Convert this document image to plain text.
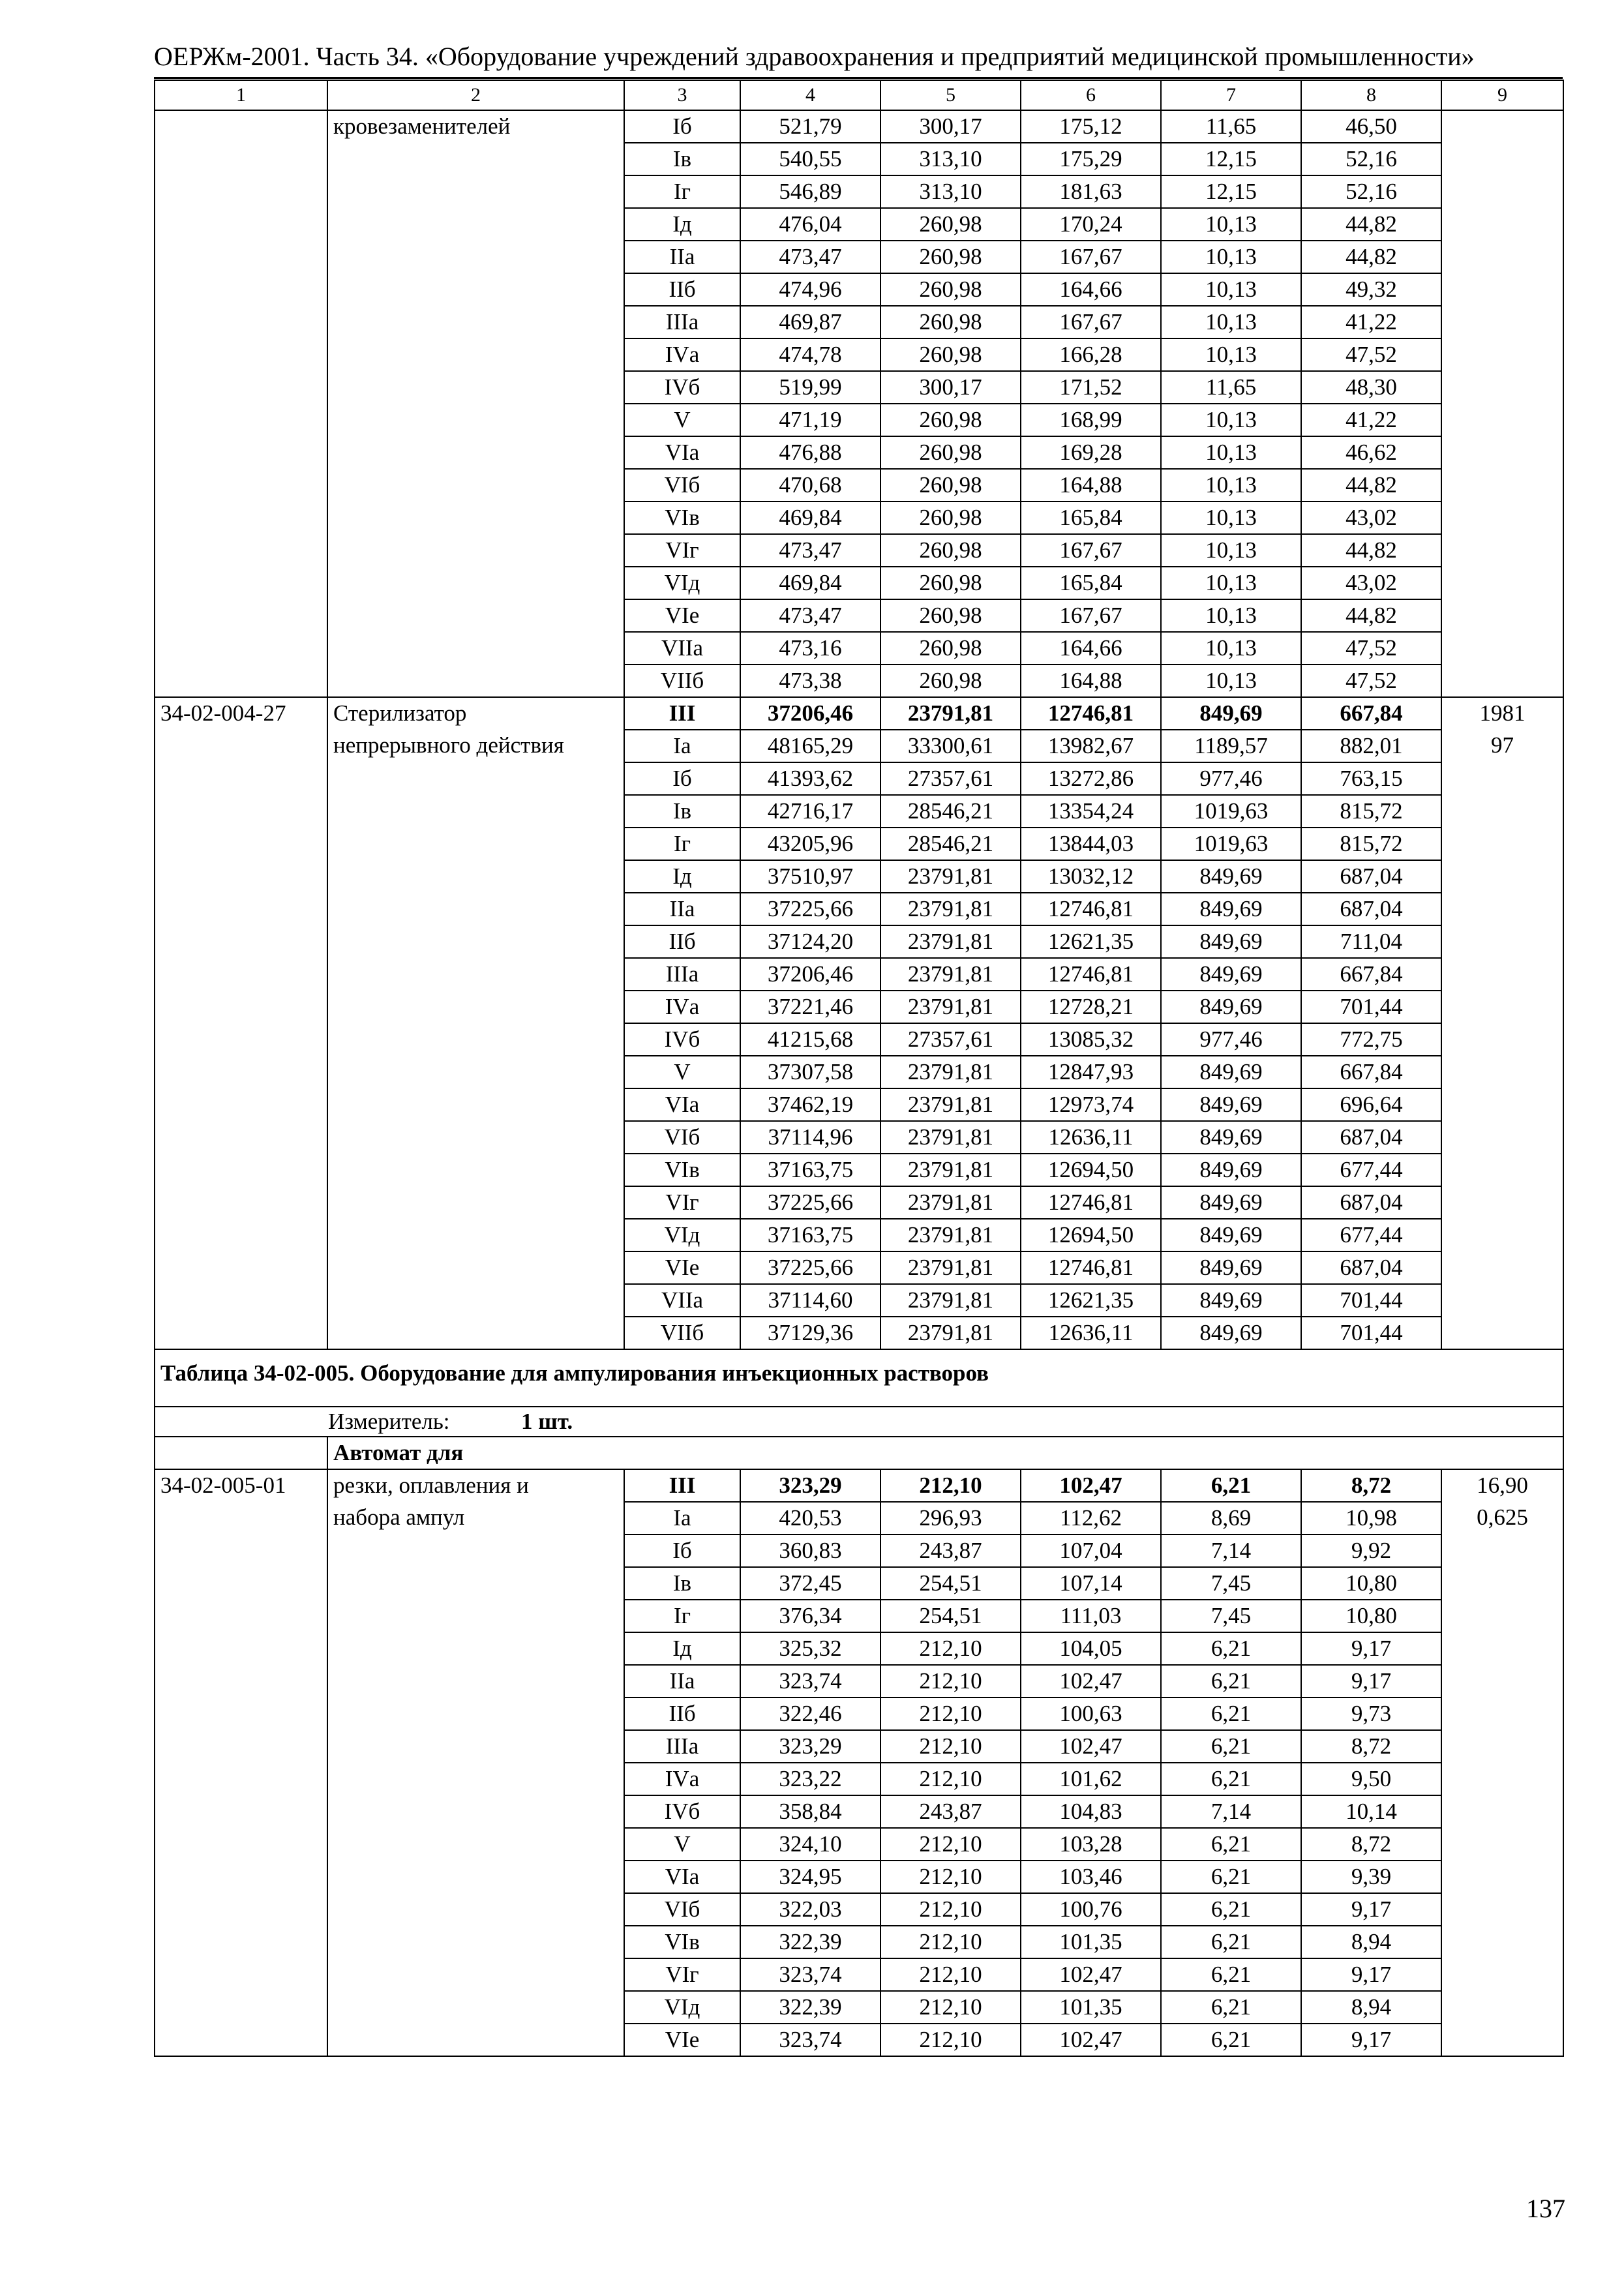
ОЕРЖм-2001. Часть 34. «Оборудование учреждений здравоохранения и предприятий медицинской промышленности»
1	2	3	4	5	6	7	8	9
	кровезаменителей	Iб	521,79	300,17	175,12	11,65	46,50	
		Iв	540,55	313,10	175,29	12,15	52,16	
		Iг	546,89	313,10	181,63	12,15	52,16	
		Iд	476,04	260,98	170,24	10,13	44,82	
		IIа	473,47	260,98	167,67	10,13	44,82	
		IIб	474,96	260,98	164,66	10,13	49,32	
		IIIа	469,87	260,98	167,67	10,13	41,22	
		IVа	474,78	260,98	166,28	10,13	47,52	
		IVб	519,99	300,17	171,52	11,65	48,30	
		V	471,19	260,98	168,99	10,13	41,22	
		VIа	476,88	260,98	169,28	10,13	46,62	
		VIб	470,68	260,98	164,88	10,13	44,82	
		VIв	469,84	260,98	165,84	10,13	43,02	
		VIг	473,47	260,98	167,67	10,13	44,82	
		VIд	469,84	260,98	165,84	10,13	43,02	
		VIе	473,47	260,98	167,67	10,13	44,82	
		VIIа	473,16	260,98	164,66	10,13	47,52	
		VIIб	473,38	260,98	164,88	10,13	47,52	
34-02-004-27	Стерилизатор	III	37206,46	23791,81	12746,81	849,69	667,84	1981
	непрерывного действия	Iа	48165,29	33300,61	13982,67	1189,57	882,01	97
		Iб	41393,62	27357,61	13272,86	977,46	763,15	
		Iв	42716,17	28546,21	13354,24	1019,63	815,72	
		Iг	43205,96	28546,21	13844,03	1019,63	815,72	
		Iд	37510,97	23791,81	13032,12	849,69	687,04	
		IIа	37225,66	23791,81	12746,81	849,69	687,04	
		IIб	37124,20	23791,81	12621,35	849,69	711,04	
		IIIа	37206,46	23791,81	12746,81	849,69	667,84	
		IVа	37221,46	23791,81	12728,21	849,69	701,44	
		IVб	41215,68	27357,61	13085,32	977,46	772,75	
		V	37307,58	23791,81	12847,93	849,69	667,84	
		VIа	37462,19	23791,81	12973,74	849,69	696,64	
		VIб	37114,96	23791,81	12636,11	849,69	687,04	
		VIв	37163,75	23791,81	12694,50	849,69	677,44	
		VIг	37225,66	23791,81	12746,81	849,69	687,04	
		VIд	37163,75	23791,81	12694,50	849,69	677,44	
		VIе	37225,66	23791,81	12746,81	849,69	687,04	
		VIIа	37114,60	23791,81	12621,35	849,69	701,44	
		VIIб	37129,36	23791,81	12636,11	849,69	701,44	
Таблица 34-02-005. Оборудование для ампулирования инъекционных растворов								
Измеритель: 1 шт.								
	Автомат для							
34-02-005-01	резки, оплавления и	III	323,29	212,10	102,47	6,21	8,72	16,90
	набора ампул	Iа	420,53	296,93	112,62	8,69	10,98	0,625
		Iб	360,83	243,87	107,04	7,14	9,92	
		Iв	372,45	254,51	107,14	7,45	10,80	
		Iг	376,34	254,51	111,03	7,45	10,80	
		Iд	325,32	212,10	104,05	6,21	9,17	
		IIа	323,74	212,10	102,47	6,21	9,17	
		IIб	322,46	212,10	100,63	6,21	9,73	
		IIIа	323,29	212,10	102,47	6,21	8,72	
		IVа	323,22	212,10	101,62	6,21	9,50	
		IVб	358,84	243,87	104,83	7,14	10,14	
		V	324,10	212,10	103,28	6,21	8,72	
		VIа	324,95	212,10	103,46	6,21	9,39	
		VIб	322,03	212,10	100,76	6,21	9,17	
		VIв	322,39	212,10	101,35	6,21	8,94	
		VIг	323,74	212,10	102,47	6,21	9,17	
		VIд	322,39	212,10	101,35	6,21	8,94	
		VIе	323,74	212,10	102,47	6,21	9,17	
137
